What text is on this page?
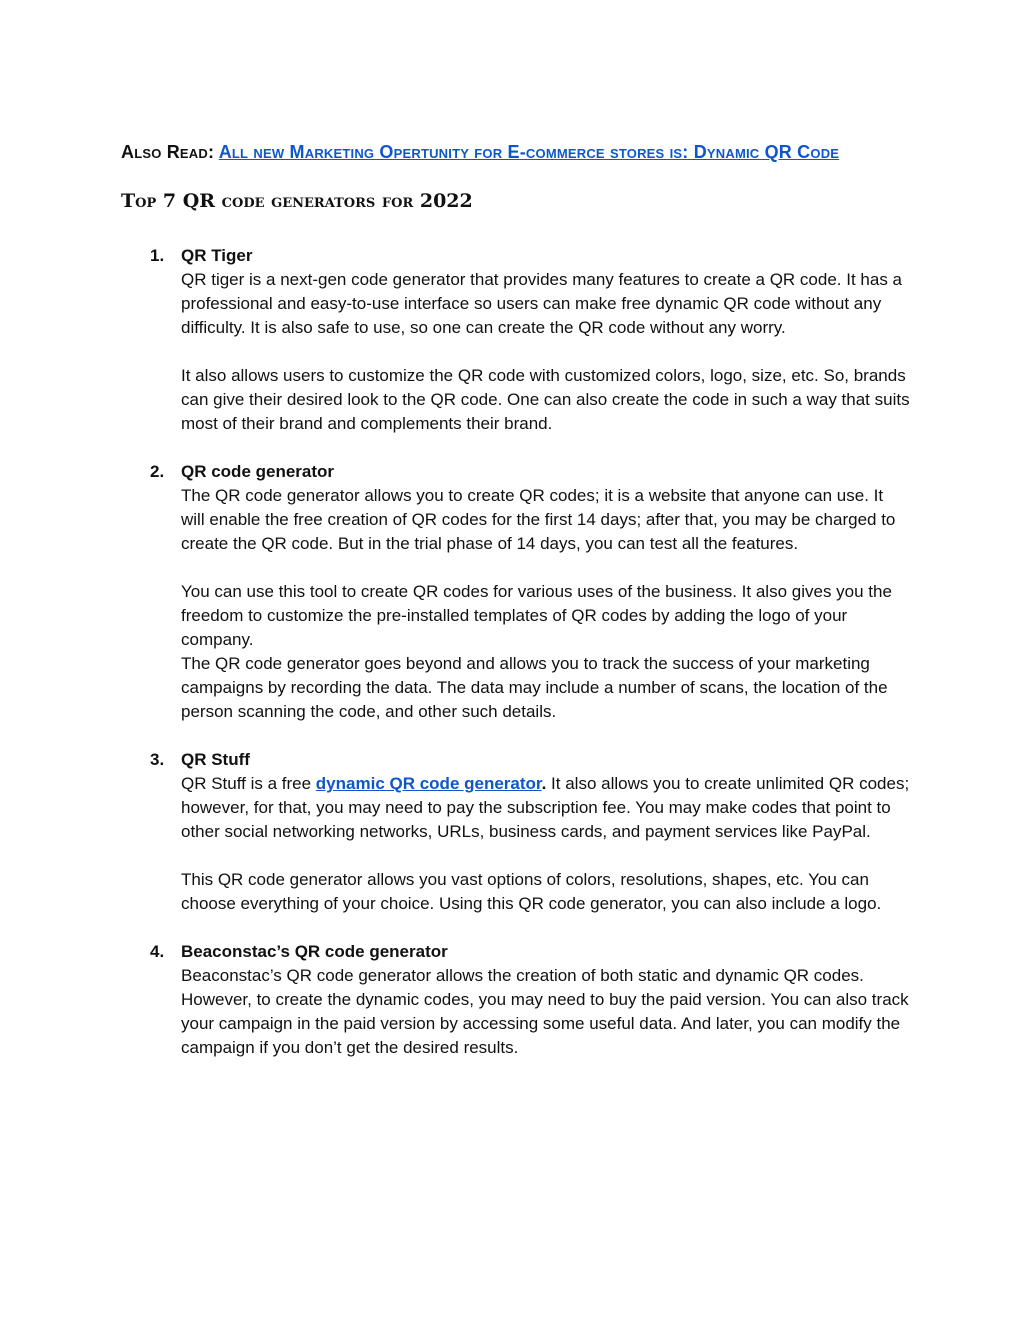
Also Read: All new Marketing Opertunity for E-commerce stores is: Dynamic QR Code
Top 7 QR code generators for 2022
1. QR Tiger

QR tiger is a next-gen code generator that provides many features to create a QR code. It has a professional and easy-to-use interface so users can make free dynamic QR code without any difficulty. It is also safe to use, so one can create the QR code without any worry.

It also allows users to customize the QR code with customized colors, logo, size, etc. So, brands can give their desired look to the QR code. One can also create the code in such a way that suits most of their brand and complements their brand.

2. QR code generator

The QR code generator allows you to create QR codes; it is a website that anyone can use. It will enable the free creation of QR codes for the first 14 days; after that, you may be charged to create the QR code. But in the trial phase of 14 days, you can test all the features.

You can use this tool to create QR codes for various uses of the business. It also gives you the freedom to customize the pre-installed templates of QR codes by adding the logo of your company.

The QR code generator goes beyond and allows you to track the success of your marketing campaigns by recording the data. The data may include a number of scans, the location of the person scanning the code, and other such details.

3. QR Stuff

QR Stuff is a free dynamic QR code generator. It also allows you to create unlimited QR codes; however, for that, you may need to pay the subscription fee. You may make codes that point to other social networking networks, URLs, business cards, and payment services like PayPal.

This QR code generator allows you vast options of colors, resolutions, shapes, etc. You can choose everything of your choice. Using this QR code generator, you can also include a logo.

4. Beaconstac’s QR code generator

Beaconstac’s QR code generator allows the creation of both static and dynamic QR codes. However, to create the dynamic codes, you may need to buy the paid version. You can also track your campaign in the paid version by accessing some useful data. And later, you can modify the campaign if you don’t get the desired results.
